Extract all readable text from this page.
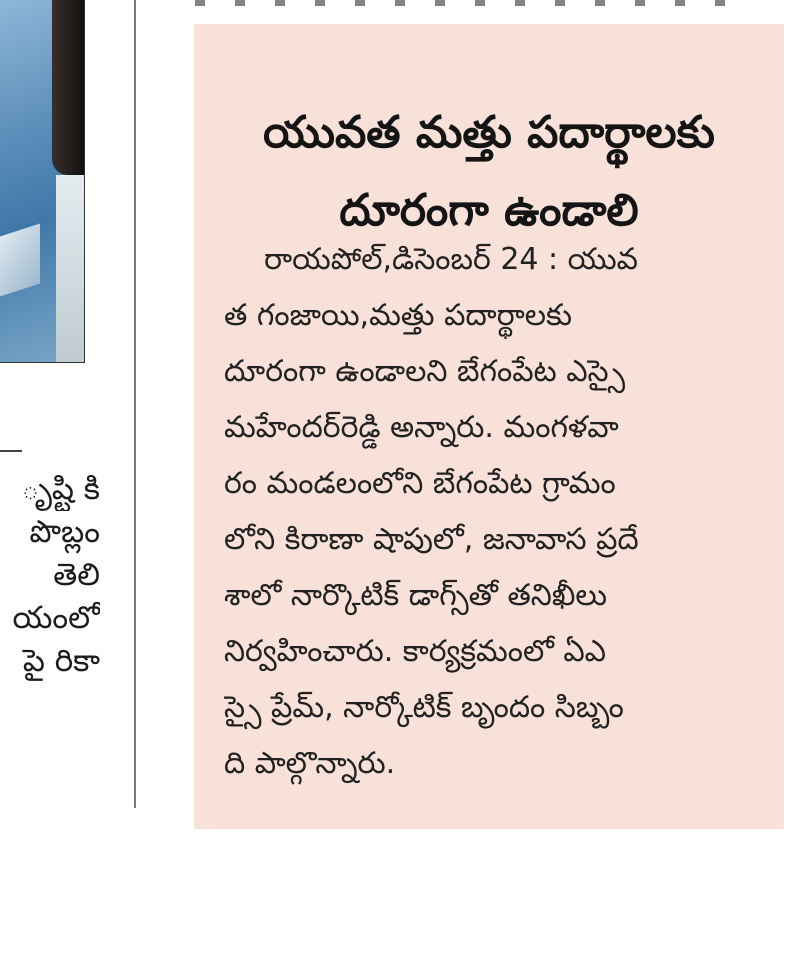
ృష్టి కి
పొబ్లం
తెలి
యంలో
పై రికా
యువత మత్తు పదార్థాలకు
దూరంగా ఉండాలి
రాయపోల్,డిసెంబర్ 24 : యువ
త గంజాయి,మత్తు పదార్థాలకు
దూరంగా ఉండాలని బేగంపేట ఎస్సై
మహేందర్‌రెడ్డి అన్నారు. మంగళవా
రం మండలంలోని బేగంపేట గ్రామం
లోని కిరాణా షాపులో, జనావాస ప్రదే
శాలో నార్కొటిక్ డాగ్స్‌తో తనిఖీలు
నిర్వహించారు. కార్యక్రమంలో ఏఎ
స్సై ప్రేమ్, నార్కోటిక్ బృందం సిబ్బం
ది పాల్గొన్నారు.
